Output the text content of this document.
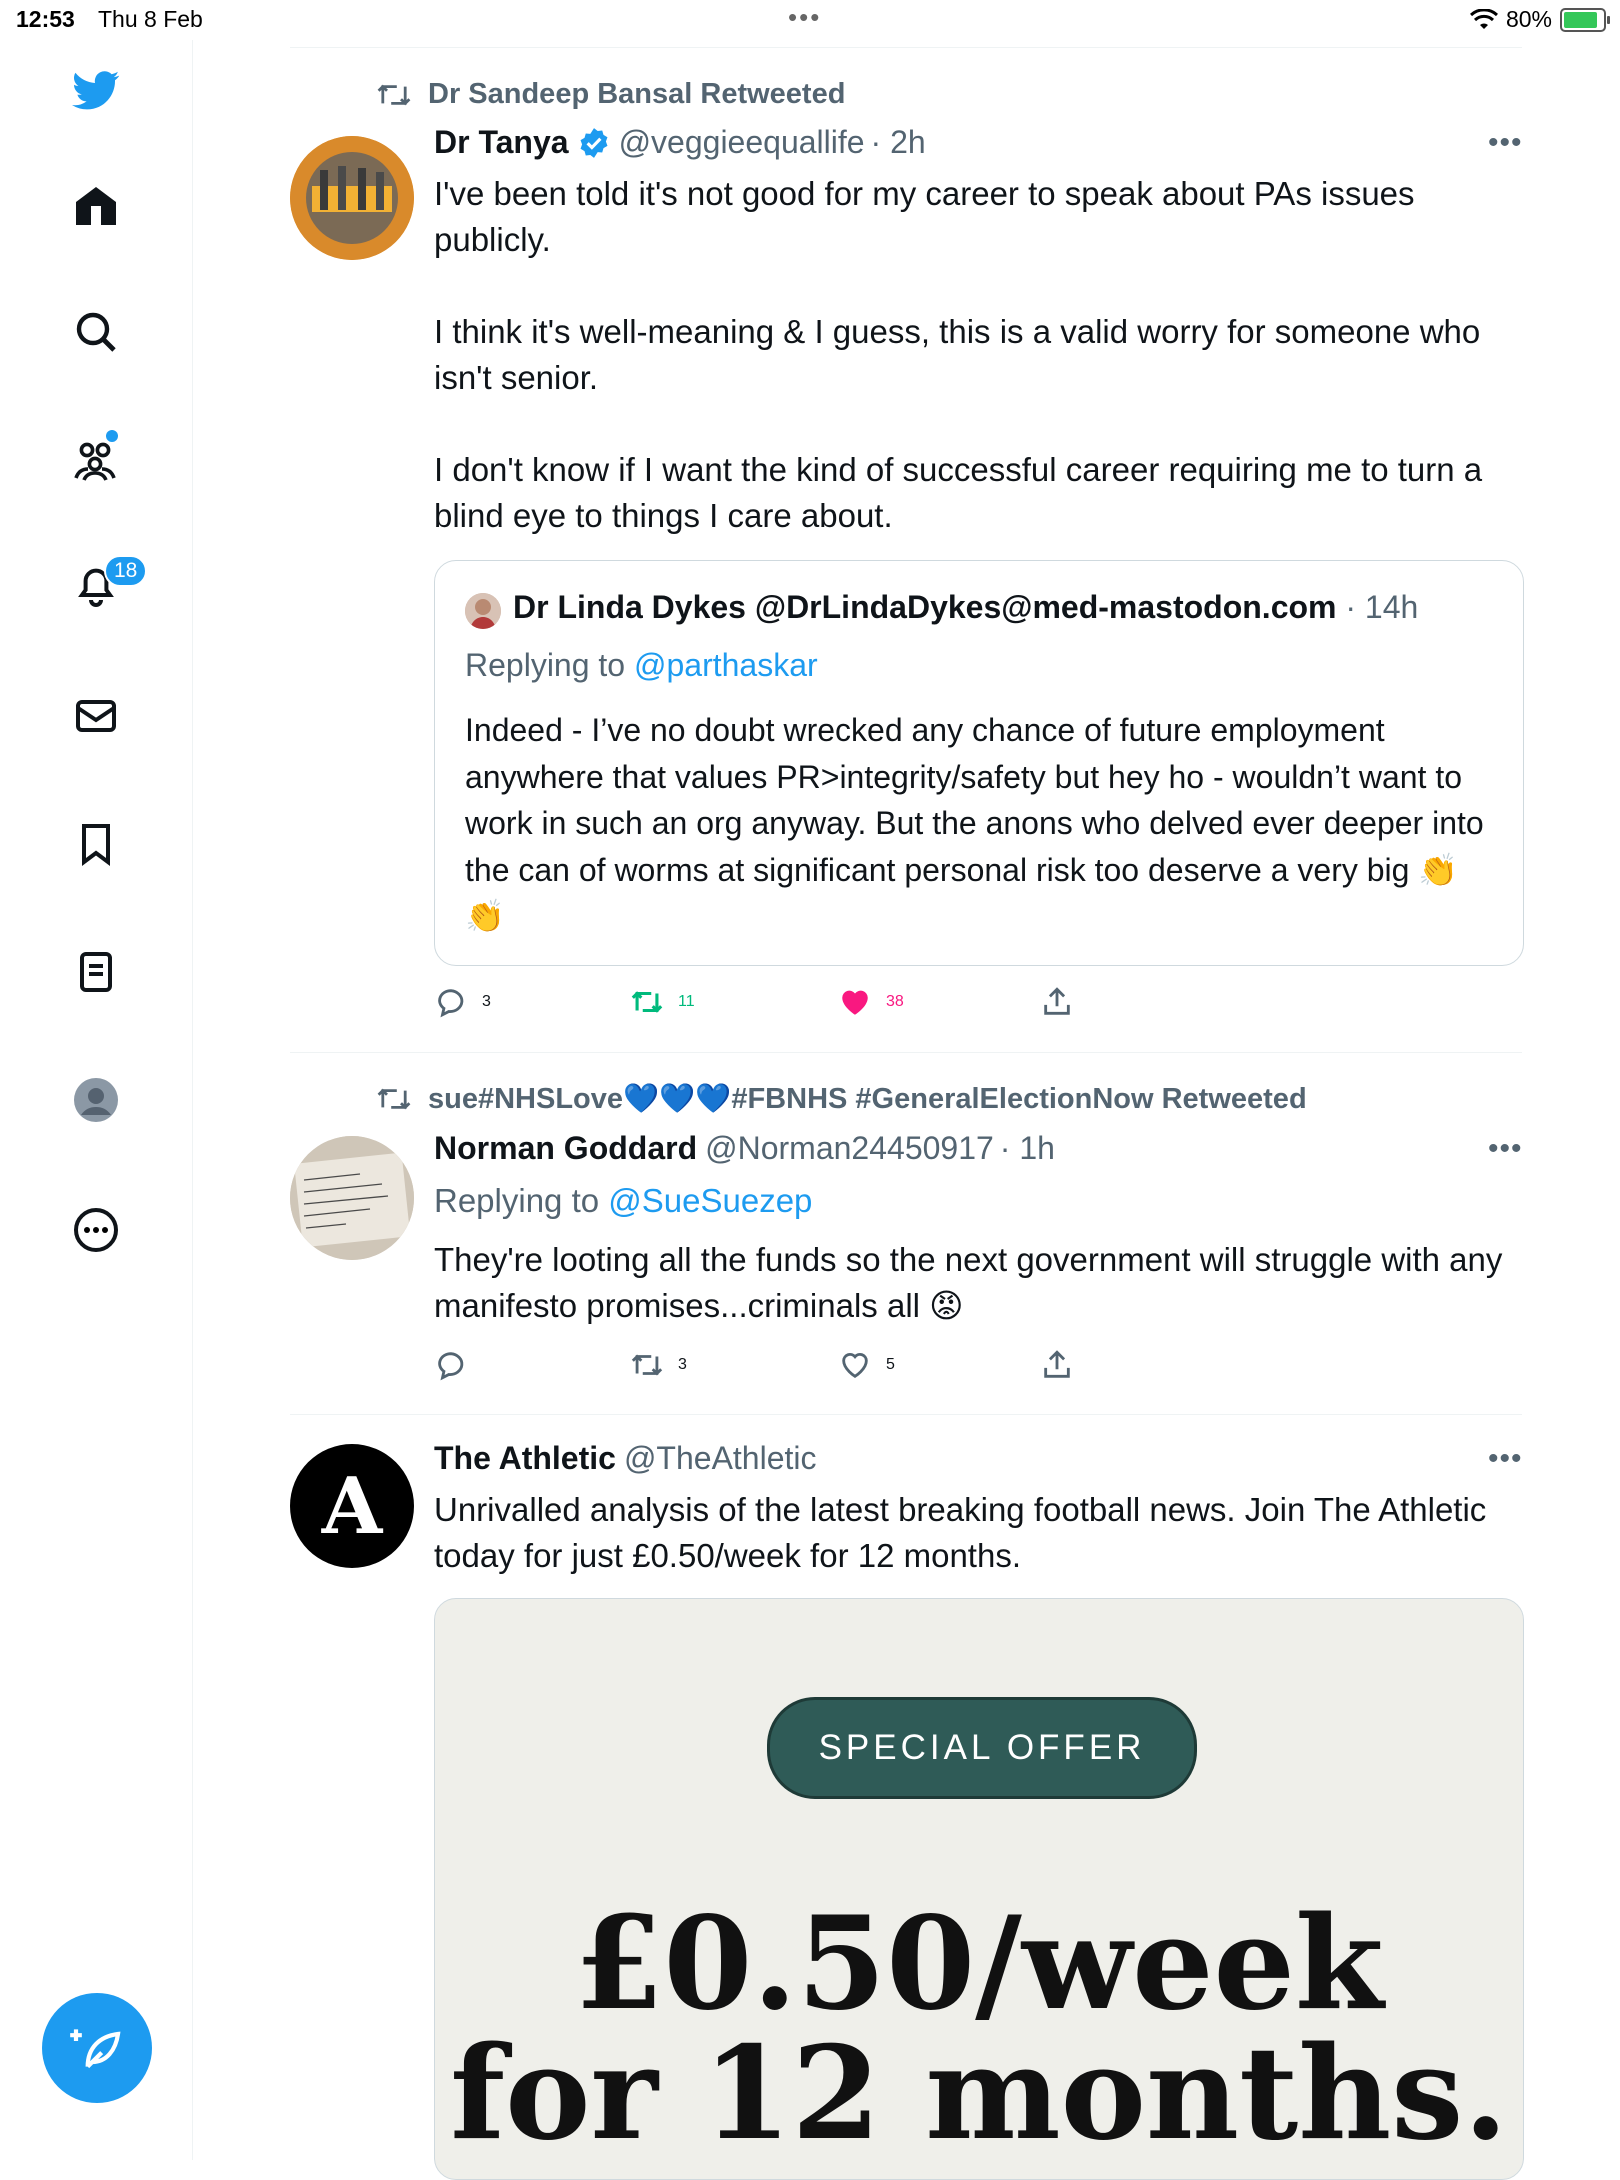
12:53 Thu 8 Feb	•••	80%
18
Dr Sandeep Bansal Retweeted
Dr Tanya @veggieequallife · 2h	•••

I've been told it's not good for my career to speak about PAs issues publicly.

I think it's well-meaning & I guess, this is a valid worry for someone who isn't senior.

I don't know if I want the kind of successful career requiring me to turn a blind eye to things I care about.

Dr Linda Dykes @DrLindaDykes@med-mastodon.com · 14h
Replying to @parthaskar
Indeed - I’ve no doubt wrecked any chance of future employment anywhere that values PR>integrity/safety but hey ho - wouldn’t want to work in such an org anyway. But the anons who delved ever deeper into the can of worms at significant personal risk too deserve a very big 👏 👏
3	11	38
sue#NHSLove💙💙💙#FBNHS #GeneralElectionNow Retweeted
Norman Goddard @Norman24450917 · 1h	•••
Replying to @SueSuezep
They're looting all the funds so the next government will struggle with any manifesto promises...criminals all 😡
3	5
A
The Athletic @TheAthletic	•••
Unrivalled analysis of the latest breaking football news. Join The Athletic today for just £0.50/week for 12 months.
SPECIAL OFFER
£0.50/week
for 12 months.
